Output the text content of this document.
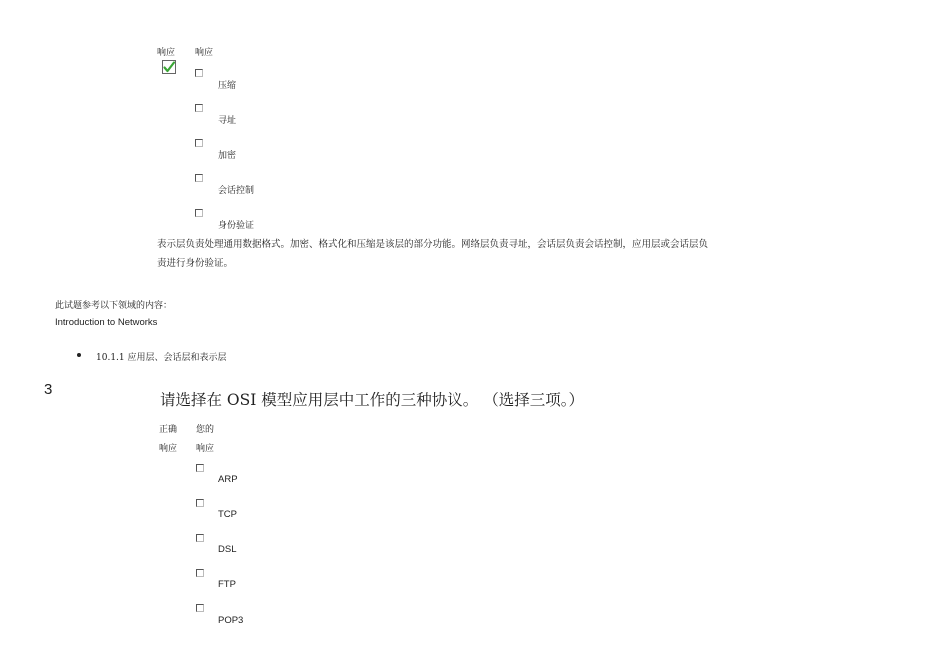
响应 响应
压缩
寻址
加密
会话控制
身份验证
表示层负责处理通用数据格式。加密、格式化和压缩是该层的部分功能。网络层负责寻址，会话层负责会话控制，应用层或会话层负责进行身份验证。
此试题参考以下领域的内容：
Introduction to Networks
10.1.1 应用层、会话层和表示层
3
请选择在 OSI 模型应用层中工作的三种协议。 （选择三项。）
正确 您的
响应 响应
ARP
TCP
DSL
FTP
POP3
